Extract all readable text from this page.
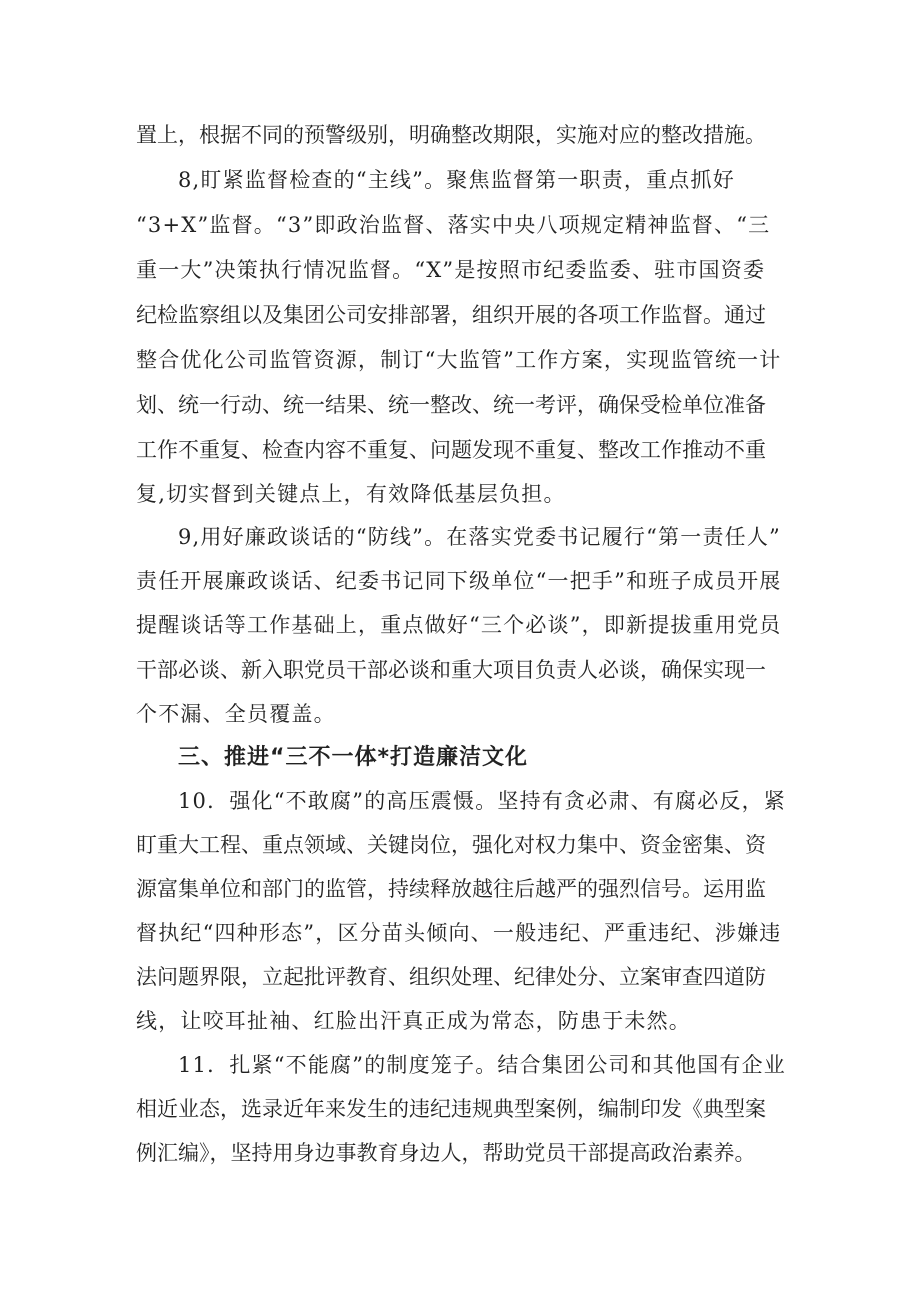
置上，根据不同的预警级别，明确整改期限，实施对应的整改措施。
8,盯紧监督检查的“主线”。聚焦监督第一职责，重点抓好
“3+X”监督。“3”即政治监督、落实中央八项规定精神监督、“三
重一大”决策执行情况监督。“X”是按照市纪委监委、驻市国资委
纪检监察组以及集团公司安排部署，组织开展的各项工作监督。通过
整合优化公司监管资源，制订“大监管”工作方案，实现监管统一计
划、统一行动、统一结果、统一整改、统一考评，确保受检单位准备
工作不重复、检查内容不重复、问题发现不重复、整改工作推动不重
复,切实督到关键点上，有效降低基层负担。
9,用好廉政谈话的“防线”。在落实党委书记履行“第一责任人”
责任开展廉政谈话、纪委书记同下级单位“一把手”和班子成员开展
提醒谈话等工作基础上，重点做好“三个必谈”，即新提拔重用党员
干部必谈、新入职党员干部必谈和重大项目负责人必谈，确保实现一
个不漏、全员覆盖。
三、推进“三不一体*打造廉洁文化
10．强化“不敢腐”的高压震慑。坚持有贪必肃、有腐必反，紧
盯重大工程、重点领域、关键岗位，强化对权力集中、资金密集、资
源富集单位和部门的监管，持续释放越往后越严的强烈信号。运用监
督执纪“四种形态”，区分苗头倾向、一般违纪、严重违纪、涉嫌违
法问题界限，立起批评教育、组织处理、纪律处分、立案审查四道防
线，让咬耳扯袖、红脸出汗真正成为常态，防患于未然。
11．扎紧“不能腐”的制度笼子。结合集团公司和其他国有企业
相近业态，选录近年来发生的违纪违规典型案例，编制印发《典型案
例汇编》，坚持用身边事教育身边人，帮助党员干部提高政治素养。
